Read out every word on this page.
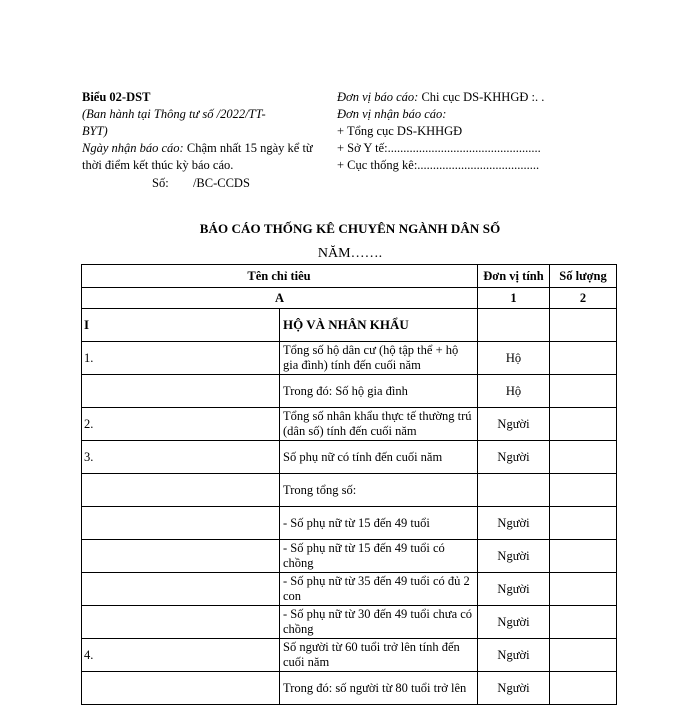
Biểu 02-DST
(Ban hành tại Thông tư số /2022/TT-
BYT)
Ngày nhận báo cáo: Chậm nhất 15 ngày kể từ thời điểm kết thúc kỳ báo cáo.
Số: /BC-CCDS
Đơn vị báo cáo: Chi cục DS-KHHGĐ :. .
Đơn vị nhận báo cáo:
+ Tổng cục DS-KHHGĐ
+ Sở Y tế:.................................................
+ Cục thống kê:.......................................
BÁO CÁO THỐNG KÊ CHUYÊN NGÀNH DÂN SỐ
NĂM…….
Tên chỉ tiêu		Đơn vị tính	Số lượng
A		1	2
I	HỘ VÀ NHÂN KHẨU		
1.	Tổng số hộ dân cư (hộ tập thể + hộ gia đình) tính đến cuối năm	Hộ	
	Trong đó: Số hộ gia đình	Hộ	
2.	Tổng số nhân khẩu thực tế thường trú (dân số) tính đến cuối năm	Người	
3.	Số phụ nữ có tính đến cuối năm	Người	
	Trong tổng số:		
	- Số phụ nữ từ 15 đến 49 tuổi	Người	
	- Số phụ nữ từ 15 đến 49 tuổi có chồng	Người	
	- Số phụ nữ từ 35 đến 49 tuổi có đủ 2 con	Người	
	- Số phụ nữ từ 30 đến 49 tuổi chưa có chồng	Người	
4.	Số người từ 60 tuổi trở lên tính đến cuối năm	Người	
	Trong đó: số người từ 80 tuổi trở lên	Người	
